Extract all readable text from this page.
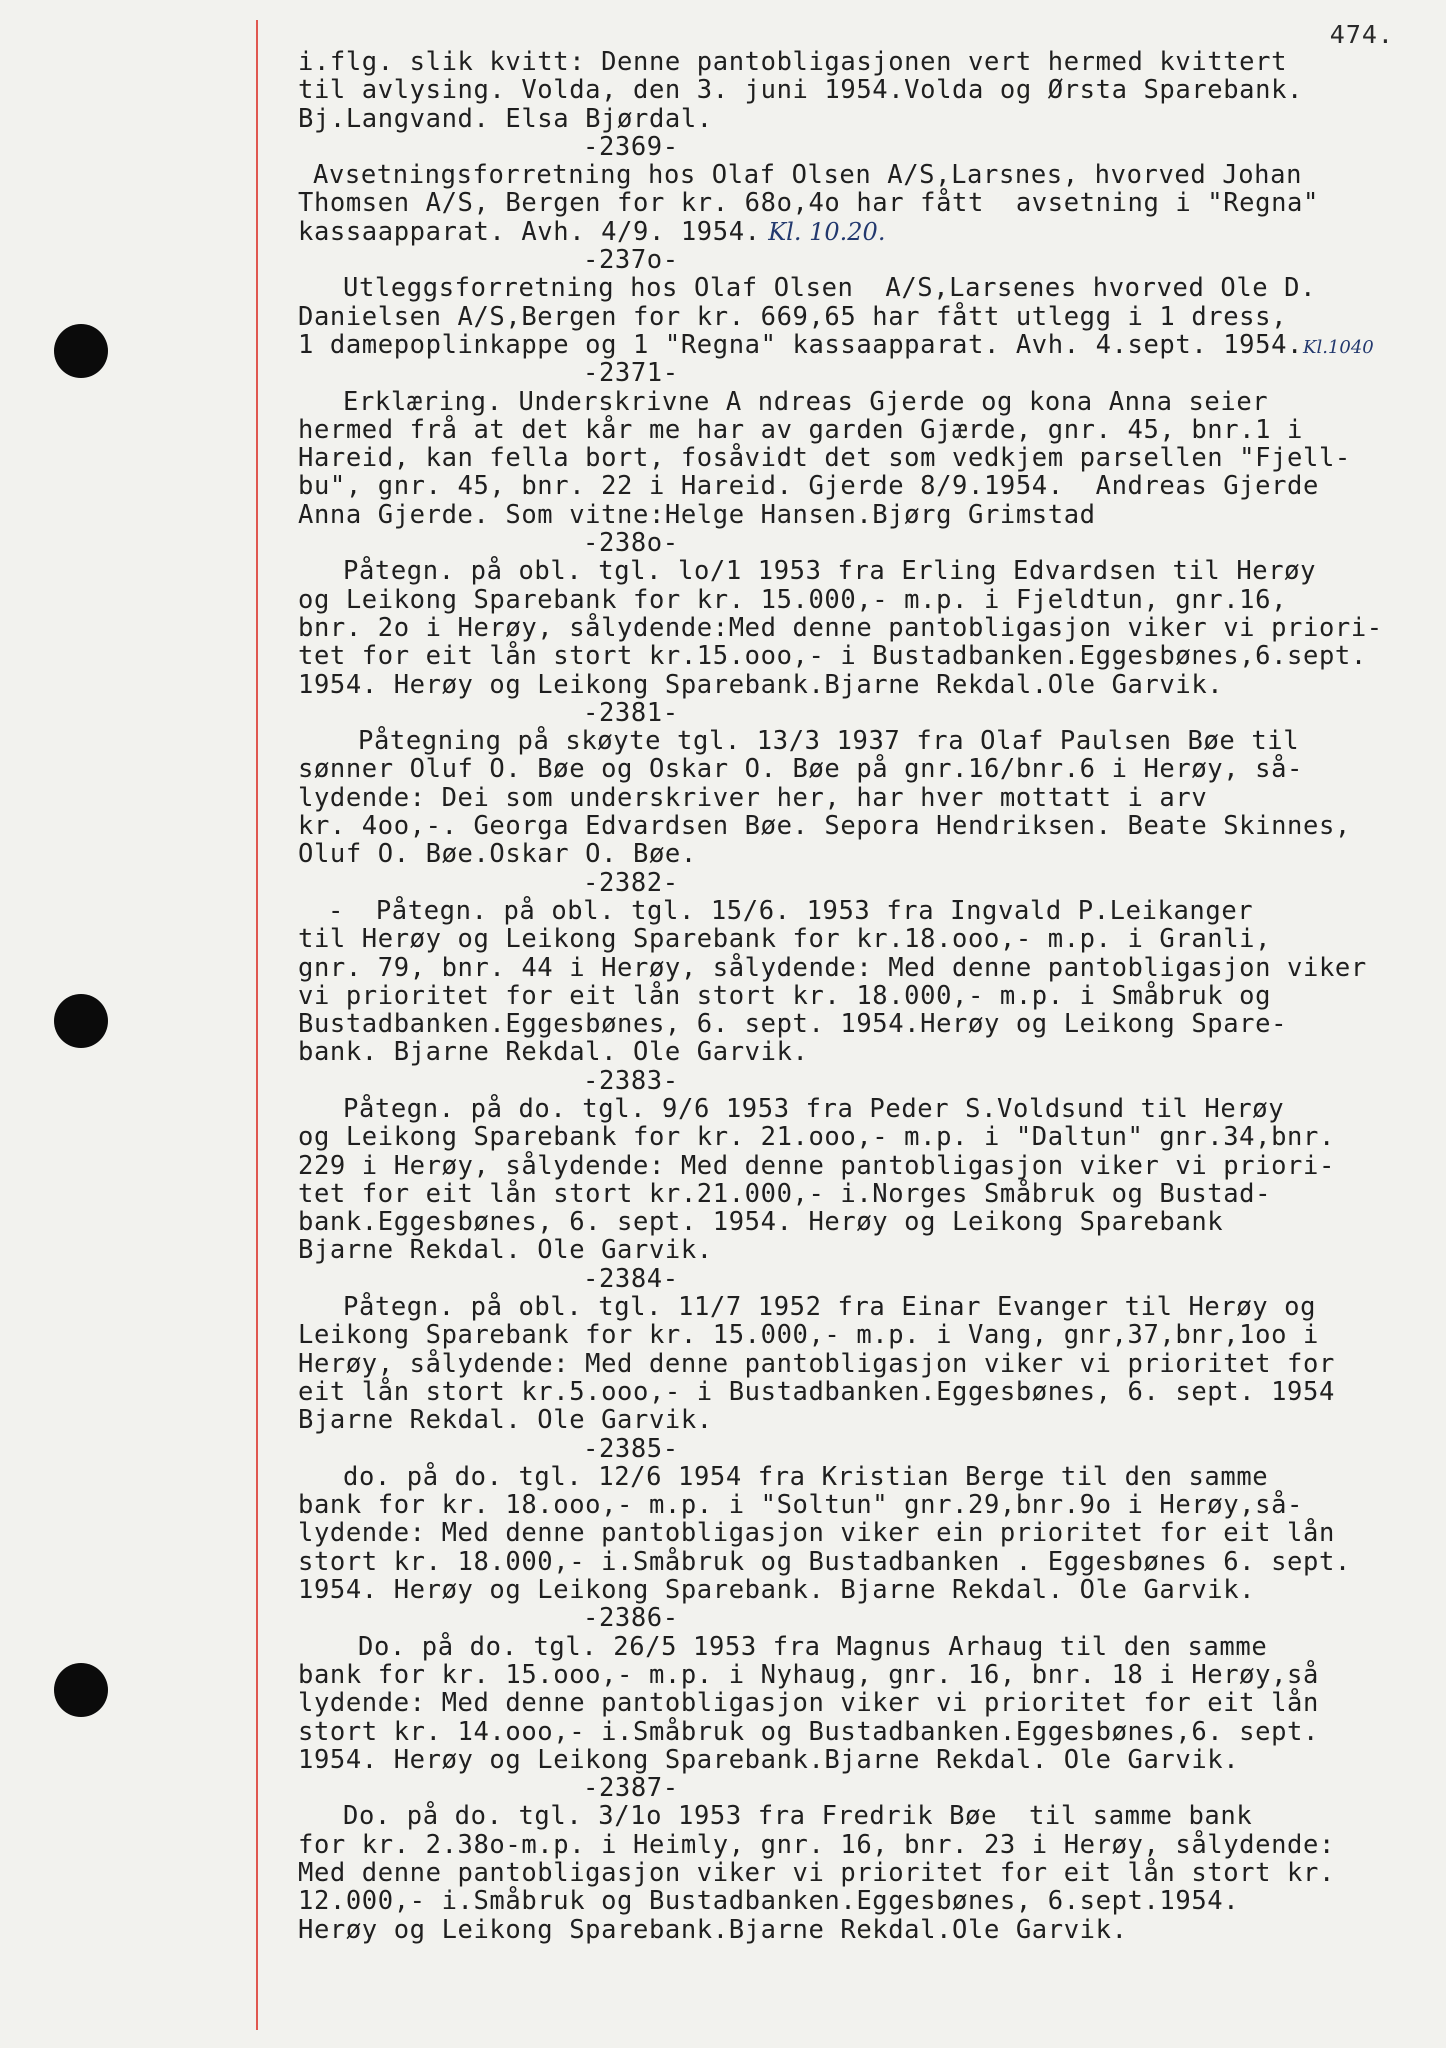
474.
i.flg. slik kvitt: Denne pantobligasjonen vert hermed kvittert
til avlysing. Volda, den 3. juni 1954.Volda og Ørsta Sparebank.
Bj.Langvand. Elsa Bjørdal.
-2369-
Avsetningsforretning hos Olaf Olsen A/S,Larsnes, hvorved Johan
Thomsen A/S, Bergen for kr. 68o,4o har fått  avsetning i "Regna"
kassaapparat. Avh. 4/9. 1954. Kl. 10.20.
-237o-
Utleggsforretning hos Olaf Olsen  A/S,Larsenes hvorved Ole D.
Danielsen A/S,Bergen for kr. 669,65 har fått utlegg i 1 dress,
1 damepoplinkappe og 1 "Regna" kassaapparat. Avh. 4.sept. 1954.Kl.1040
-2371-
Erklæring. Underskrivne A ndreas Gjerde og kona Anna seier
hermed frå at det kår me har av garden Gjærde, gnr. 45, bnr.1 i
Hareid, kan fella bort, fosåvidt det som vedkjem parsellen "Fjell-
bu", gnr. 45, bnr. 22 i Hareid. Gjerde 8/9.1954.  Andreas Gjerde
Anna Gjerde. Som vitne:Helge Hansen.Bjørg Grimstad
-238o-
Påtegn. på obl. tgl. lo/1 1953 fra Erling Edvardsen til Herøy
og Leikong Sparebank for kr. 15.000,- m.p. i Fjeldtun, gnr.16,
bnr. 2o i Herøy, sålydende:Med denne pantobligasjon viker vi priori-
tet for eit lån stort kr.15.ooo,- i Bustadbanken.Eggesbønes,6.sept.
1954. Herøy og Leikong Sparebank.Bjarne Rekdal.Ole Garvik.
-2381-
Påtegning på skøyte tgl. 13/3 1937 fra Olaf Paulsen Bøe til
sønner Oluf O. Bøe og Oskar O. Bøe på gnr.16/bnr.6 i Herøy, så-
lydende: Dei som underskriver her, har hver mottatt i arv
kr. 4oo,-. Georga Edvardsen Bøe. Sepora Hendriksen. Beate Skinnes,
Oluf O. Bøe.Oskar O. Bøe.
-2382-
-  Påtegn. på obl. tgl. 15/6. 1953 fra Ingvald P.Leikanger
til Herøy og Leikong Sparebank for kr.18.ooo,- m.p. i Granli,
gnr. 79, bnr. 44 i Herøy, sålydende: Med denne pantobligasjon viker
vi prioritet for eit lån stort kr. 18.000,- m.p. i Småbruk og
Bustadbanken.Eggesbønes, 6. sept. 1954.Herøy og Leikong Spare-
bank. Bjarne Rekdal. Ole Garvik.
-2383-
Påtegn. på do. tgl. 9/6 1953 fra Peder S.Voldsund til Herøy
og Leikong Sparebank for kr. 21.ooo,- m.p. i "Daltun" gnr.34,bnr.
229 i Herøy, sålydende: Med denne pantobligasjon viker vi priori-
tet for eit lån stort kr.21.000,- i.Norges Småbruk og Bustad-
bank.Eggesbønes, 6. sept. 1954. Herøy og Leikong Sparebank
Bjarne Rekdal. Ole Garvik.
-2384-
Påtegn. på obl. tgl. 11/7 1952 fra Einar Evanger til Herøy og
Leikong Sparebank for kr. 15.000,- m.p. i Vang, gnr,37,bnr,1oo i
Herøy, sålydende: Med denne pantobligasjon viker vi prioritet for
eit lån stort kr.5.ooo,- i Bustadbanken.Eggesbønes, 6. sept. 1954
Bjarne Rekdal. Ole Garvik.
-2385-
do. på do. tgl. 12/6 1954 fra Kristian Berge til den samme
bank for kr. 18.ooo,- m.p. i "Soltun" gnr.29,bnr.9o i Herøy,så-
lydende: Med denne pantobligasjon viker ein prioritet for eit lån
stort kr. 18.000,- i.Småbruk og Bustadbanken . Eggesbønes 6. sept.
1954. Herøy og Leikong Sparebank. Bjarne Rekdal. Ole Garvik.
-2386-
Do. på do. tgl. 26/5 1953 fra Magnus Arhaug til den samme
bank for kr. 15.ooo,- m.p. i Nyhaug, gnr. 16, bnr. 18 i Herøy,så
lydende: Med denne pantobligasjon viker vi prioritet for eit lån
stort kr. 14.ooo,- i.Småbruk og Bustadbanken.Eggesbønes,6. sept.
1954. Herøy og Leikong Sparebank.Bjarne Rekdal. Ole Garvik.
-2387-
Do. på do. tgl. 3/1o 1953 fra Fredrik Bøe  til samme bank
for kr. 2.38o-m.p. i Heimly, gnr. 16, bnr. 23 i Herøy, sålydende:
Med denne pantobligasjon viker vi prioritet for eit lån stort kr.
12.000,- i.Småbruk og Bustadbanken.Eggesbønes, 6.sept.1954.
Herøy og Leikong Sparebank.Bjarne Rekdal.Ole Garvik.
